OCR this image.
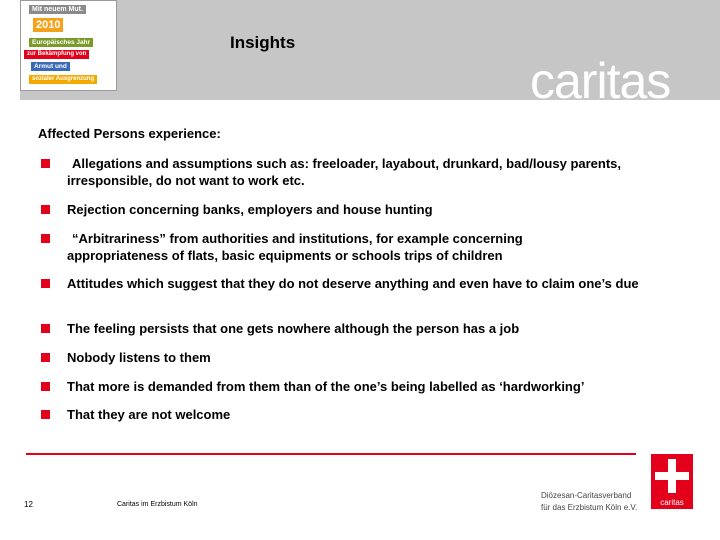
Mit neuem Mut.
2010
Europäisches Jahr
zur Bekämpfung von
Armut und
sozialer Ausgrenzung
Insights
caritas
Affected Persons experience:
Allegations and assumptions such as: freeloader, layabout, drunkard, bad/lousy parents, irresponsible, do not want to work etc.
Rejection concerning banks, employers and house hunting
“Arbitrariness” from authorities and institutions, for example concerning appropriateness of flats, basic equipments or schools trips of children
Attitudes which suggest that they do not deserve anything and even have to claim one’s due
The feeling persists that one gets nowhere although the person has a job
Nobody listens to them
That more is demanded from them than of the one’s being labelled as ‘hardworking’
That they are not welcome
12	Caritas im Erzbistum Köln	caritas
Diözesan-Caritasverband
für das Erzbistum Köln e.V.
